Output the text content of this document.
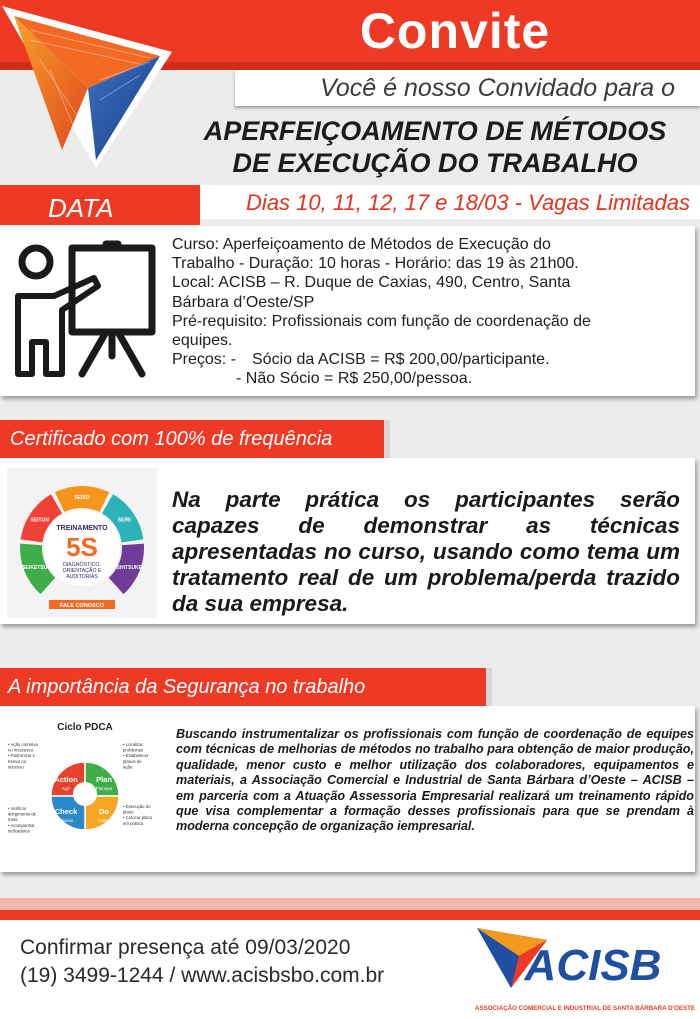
Convite
Você é nosso Convidado para o
APERFEIÇOAMENTO DE MÉTODOS
DE EXECUÇÃO DO TRABALHO
DATA	Dias 10, 11, 12, 17 e 18/03 - Vagas Limitadas
Curso: Aperfeiçoamento de Métodos de Execução do
Trabalho - Duração: 10 horas - Horário: das 19 às 21h00.
Local: ACISB – R. Duque de Caxias, 490, Centro, Santa
Bárbara d’Oeste/SP
Pré-requisito: Profissionais com função de coordenação de
equipes.
Preços: - Sócio da ACISB = R$ 200,00/participante.
- Não Sócio = R$ 250,00/pessoa.
Certificado com 100% de frequência
SEIKETSU
SEITON
SEISO
SEIRI
SHITSUKE
TREINAMENTO
5S
DIAGNÓSTICO,
ORIENTAÇÃO E
AUDITORIAS
FALE CONOSCO
Na parte prática os participantes serão
capazes de demonstrar as técnicas
apresentadas no curso, usando como tema um
tratamento real de um problema/perda trazido
da sua empresa.
A importância da Segurança no trabalho
Ciclo PDCA
Action
Agir
Plan
Planejar
Check
Checar
Do
Fazer
• Ação corretiva
no insucesso
• Padronizar e
treinar no
sucesso
• Localizar
problemas
• Estabelecer
planos de
ação
• Verificar
atingimento de
meta
• Acompanhar
indicadores
• Execução do
plano
• Colocar plano
em prática
Buscando instrumentalizar os profissionais com função de coordenação de equipes com técnicas de melhorias de métodos no trabalho para obtenção de maior produção, qualidade, menor custo e melhor utilização dos colaboradores, equipamentos e materiais, a Associação Comercial e Industrial de Santa Bárbara d’Oeste – ACISB – em parceria com a Atuação Assessoria Empresarial realizará um treinamento rápido que visa complementar a formação desses profissionais para que se prendam à moderna concepção de organização iempresarial.
Confirmar presença até 09/03/2020
(19) 3499-1244 / www.acisbsbo.com.br	ACISB
ASSOCIAÇÃO COMERCIAL E INDUSTRIAL DE SANTA BÁRBARA D'OESTE
